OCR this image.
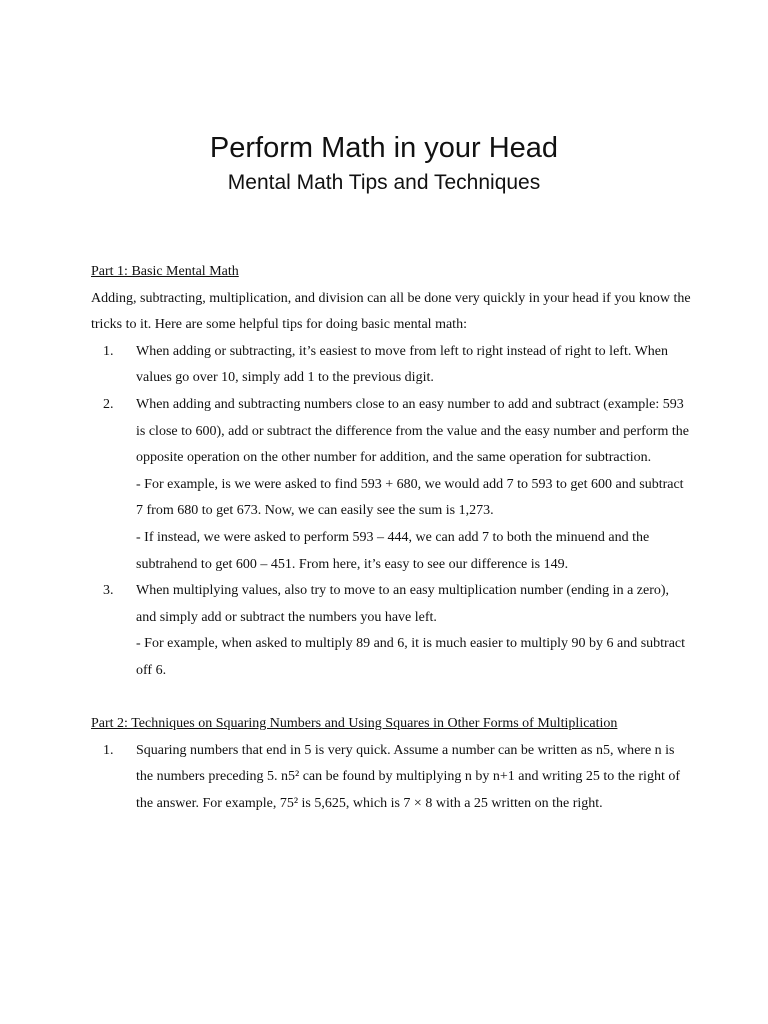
Perform Math in your Head
Mental Math Tips and Techniques
Part 1: Basic Mental Math

Adding, subtracting, multiplication, and division can all be done very quickly in your head if you know the tricks to it. Here are some helpful tips for doing basic mental math:

1.	When adding or subtracting, it’s easiest to move from left to right instead of right to left. When values go over 10, simply add 1 to the previous digit.
2.	When adding and subtracting numbers close to an easy number to add and subtract (example: 593 is close to 600), add or subtract the difference from the value and the easy number and perform the opposite operation on the other number for addition, and the same operation for subtraction.
- For example, is we were asked to find 593 + 680, we would add 7 to 593 to get 600 and subtract 7 from 680 to get 673. Now, we can easily see the sum is 1,273.
- If instead, we were asked to perform 593 – 444, we can add 7 to both the minuend and the subtrahend to get 600 – 451. From here, it’s easy to see our difference is 149.
3.	When multiplying values, also try to move to an easy multiplication number (ending in a zero), and simply add or subtract the numbers you have left.
- For example, when asked to multiply 89 and 6, it is much easier to multiply 90 by 6 and subtract off 6.
Part 2: Techniques on Squaring Numbers and Using Squares in Other Forms of Multiplication
1.	Squaring numbers that end in 5 is very quick. Assume a number can be written as n5, where n is the numbers preceding 5. n5² can be found by multiplying n by n+1 and writing 25 to the right of the answer. For example, 75² is 5,625, which is 7 × 8 with a 25 written on the right.
